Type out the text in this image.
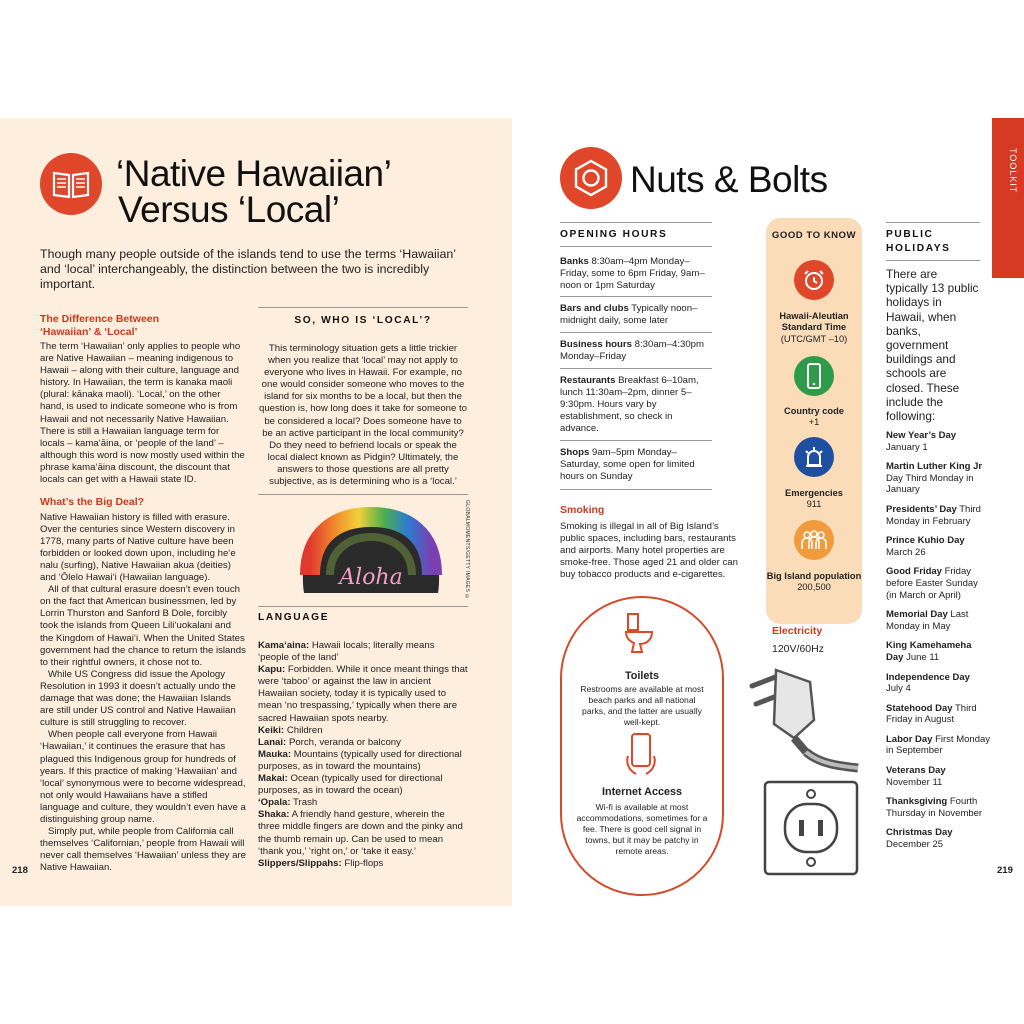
‘Native Hawaiian’
Versus ‘Local’
Though many people outside of the islands tend to use the terms ‘Hawaiian’ and ‘local’ interchangeably, the distinction between the two is incredibly important.
The Difference Between
‘Hawaiian’ & ‘Local’

The term ‘Hawaiian’ only applies to people who are Native Hawaiian – meaning indigenous to Hawaii – along with their culture, language and history. In Hawaiian, the term is kanaka maoli (plural: kānaka maoli). ‘Local,’ on the other hand, is used to indicate someone who is from Hawaii and not necessarily Native Hawaiian. There is still a Hawaiian language term for locals – kama‘āina, or ‘people of the land’ – although this word is now mostly used within the phrase kama‘āina discount, the discount that locals can get with a Hawaii state ID.

What’s the Big Deal?

Native Hawaiian history is filled with erasure. Over the centuries since Western discovery in 1778, many parts of Native culture have been forbidden or looked down upon, including he‘e nalu (surfing), Native Hawaiian akua (deities) and ‘Ōlelo Hawai‘i (Hawaiian language).

All of that cultural erasure doesn’t even touch on the fact that American businessmen, led by Lorrin Thurston and Sanford B Dole, forcibly took the islands from Queen Lili‘uokalani and the Kingdom of Hawai‘i. When the United States government had the chance to return the islands to their rightful owners, it chose not to.

While US Congress did issue the Apology Resolution in 1993 it doesn’t actually undo the damage that was done; the Hawaiian Islands are still under US control and Native Hawaiian culture is still struggling to recover.

When people call everyone from Hawaii ‘Hawaiian,’ it continues the erasure that has plagued this Indigenous group for hundreds of years. If this practice of making ‘Hawaiian’ and ‘local’ synonymous were to become widespread, not only would Hawaiians have a stifled language and culture, they wouldn’t even have a distinguishing group name.

Simply put, while people from California call themselves ‘Californian,’ people from Hawaii will never call themselves ‘Hawaiian’ unless they are Native Hawaiian.

218
SO, WHO IS ‘LOCAL’?
This terminology situation gets a little trickier when you realize that ‘local’ may not apply to everyone who lives in Hawaii. For example, no one would consider someone who moves to the island for six months to be a local, but then the question is, how long does it take for someone to be considered a local? Does someone have to be an active participant in the local community? Do they need to befriend locals or speak the local dialect known as Pidgin? Ultimately, the answers to those questions are all pretty subjective, as is determining who is a ‘local.’
Aloha	GLOBALMOMENTS/GETTY IMAGES ©
LANGUAGE
Kama‘aina: Hawaii locals; literally means ‘people of the land’
Kapu: Forbidden. While it once meant things that were ‘taboo’ or against the law in ancient Hawaiian society, today it is typically used to mean ‘no trespassing,’ typically when there are sacred Hawaiian spots nearby.
Keiki: Children
Lanai: Porch, veranda or balcony
Mauka: Mountains (typically used for directional purposes, as in toward the mountains)
Makai: Ocean (typically used for directional purposes, as in toward the ocean)
‘Opala: Trash
Shaka: A friendly hand gesture, wherein the three middle fingers are down and the pinky and the thumb remain up. Can be used to mean ‘thank you,’ ‘right on,’ or ‘take it easy.’
Slippers/Slippahs: Flip-flops
TOOLKIT
Nuts & Bolts
OPENING HOURS
Banks 8:30am–4pm Monday–Friday, some to 6pm Friday, 9am–noon or 1pm Saturday
Bars and clubs Typically noon–midnight daily, some later
Business hours 8:30am–4:30pm Monday–Friday
Restaurants Breakfast 6–10am, lunch 11:30am–2pm, dinner 5–9:30pm. Hours vary by establishment, so check in advance.
Shops 9am–5pm Monday–Saturday, some open for limited hours on Sunday
Smoking
Smoking is illegal in all of Big Island’s public spaces, including bars, restaurants and airports. Many hotel properties are smoke-free. Those aged 21 and older can buy tobacco products and e-cigarettes.
Toilets
Restrooms are available at most beach parks and all national parks, and the latter are usually well-kept.
Internet Access
Wi-fi is available at most accommodations, sometimes for a fee. There is good cell signal in towns, but it may be patchy in remote areas.
GOOD TO KNOW
Hawaii-Aleutian Standard Time
(UTC/GMT –10)
Country code
+1
Emergencies
911
Big Island population
200,500
Electricity
120V/60Hz
PUBLIC HOLIDAYS
There are typically 13 public holidays in Hawaii, when banks, government buildings and schools are closed. These include the following:
New Year’s Day
January 1
Martin Luther King Jr
Day Third Monday in January
Presidents’ Day Third Monday in February
Prince Kuhio Day
March 26
Good Friday Friday before Easter Sunday (in March or April)
Memorial Day Last Monday in May
King Kamehameha Day June 11
Independence Day
July 4
Statehood Day Third Friday in August
Labor Day First Monday in September
Veterans Day
November 11
Thanksgiving Fourth Thursday in November
Christmas Day
December 25
219
